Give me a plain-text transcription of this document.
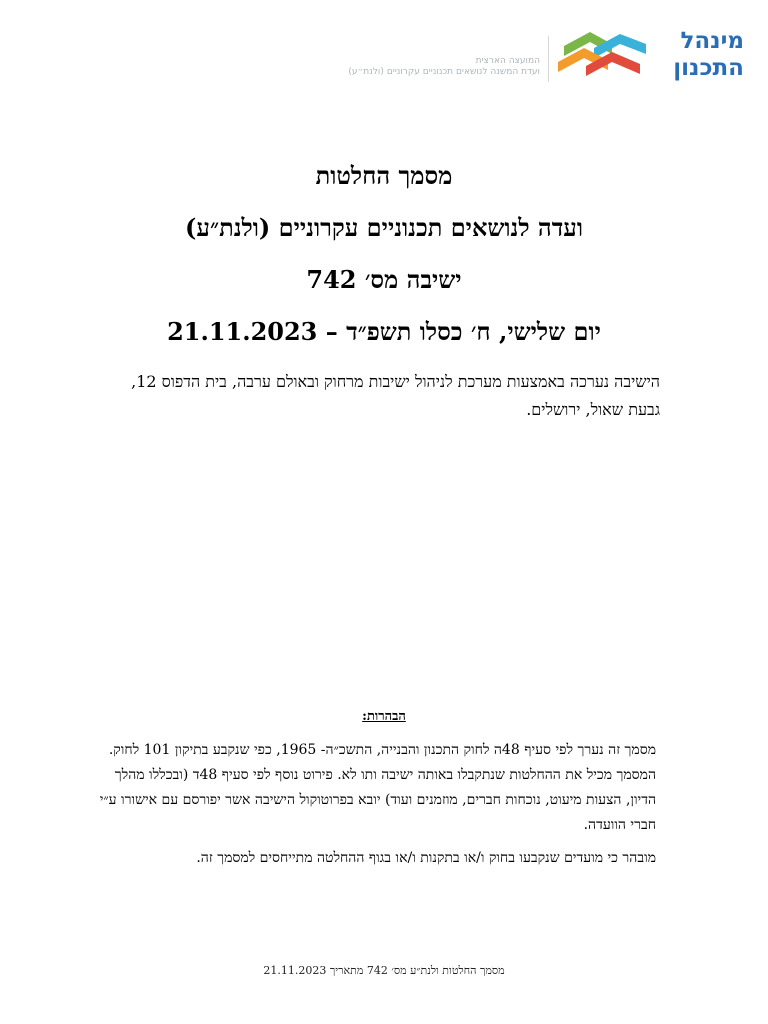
מינהל
התכנון
המועצה הארצית
ועדת המשנה לנושאים תכנוניים עקרוניים (ולנת״ע)
מסמך החלטות
ועדה לנושאים תכנוניים עקרוניים (ולנת״ע)
ישיבה מס׳ 742
יום שלישי, ח׳ כסלו תשפ״ד – 21.11.2023
הישיבה נערכה באמצעות מערכת לניהול ישיבות מרחוק ובאולם ערבה, בית הדפוס 12, גבעת שאול, ירושלים.
הבהרות:

מסמך זה נערך לפי סעיף 48ה לחוק התכנון והבנייה, התשכ״ה- 1965, כפי שנקבע בתיקון 101 לחוק. המסמך מכיל את ההחלטות שנתקבלו באותה ישיבה ותו לא. פירוט נוסף לפי סעיף 48ד (ובכללו מהלך הדיון, הצעות מיעוט, נוכחות חברים, מוזמנים ועוד) יובא בפרוטוקול הישיבה אשר יפורסם עם אישורו ע״י חברי הוועדה.

מובהר כי מועדים שנקבעו בחוק ו/או בתקנות ו/או בגוף ההחלטה מתייחסים למסמך זה.

מסמך החלטות ולנת״ע מס׳ 742 מתאריך 21.11.2023
